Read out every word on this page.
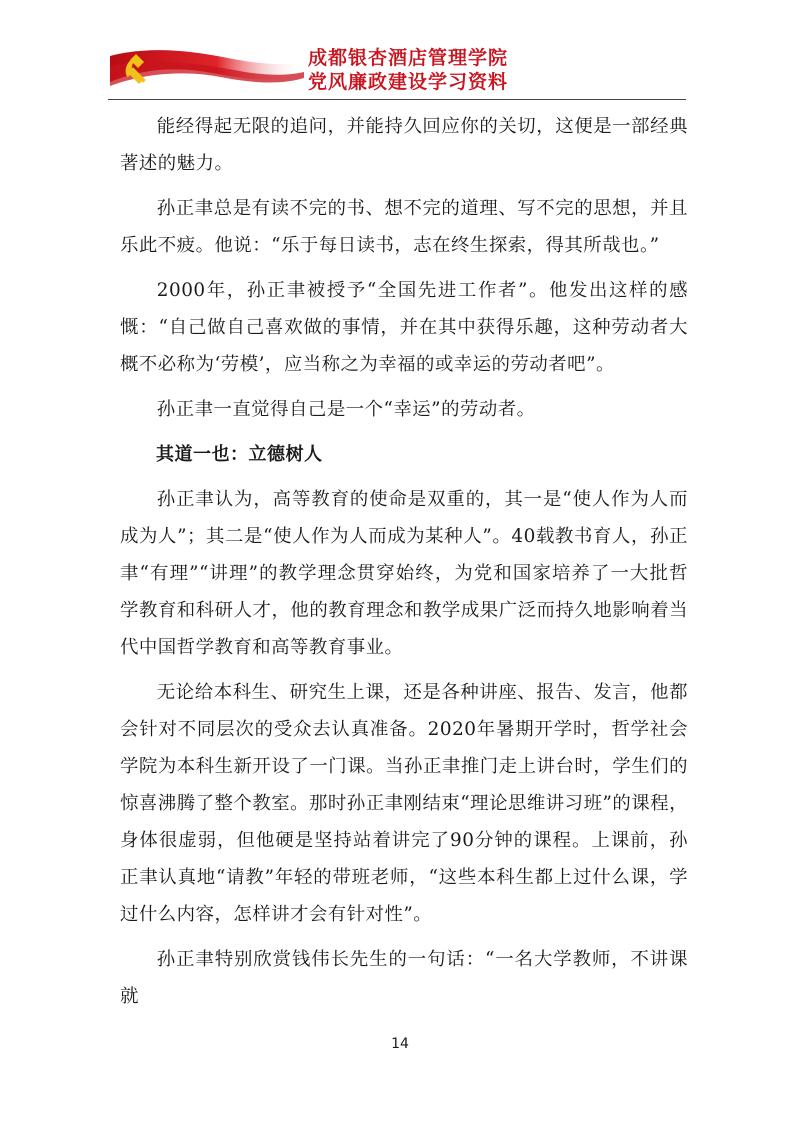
成都银杏酒店管理学院
党风廉政建设学习资料

能经得起无限的追问，并能持久回应你的关切，这便是一部经典著述的魅力。

孙正聿总是有读不完的书、想不完的道理、写不完的思想，并且乐此不疲。他说：“乐于每日读书，志在终生探索，得其所哉也。”

2000年，孙正聿被授予“全国先进工作者”。他发出这样的感慨：“自己做自己喜欢做的事情，并在其中获得乐趣，这种劳动者大概不必称为‘劳模’，应当称之为幸福的或幸运的劳动者吧”。

孙正聿一直觉得自己是一个“幸运”的劳动者。

其道一也：立德树人

孙正聿认为，高等教育的使命是双重的，其一是“使人作为人而成为人”；其二是“使人作为人而成为某种人”。40载教书育人，孙正聿“有理”“讲理”的教学理念贯穿始终，为党和国家培养了一大批哲学教育和科研人才，他的教育理念和教学成果广泛而持久地影响着当代中国哲学教育和高等教育事业。

无论给本科生、研究生上课，还是各种讲座、报告、发言，他都会针对不同层次的受众去认真准备。2020年暑期开学时，哲学社会学院为本科生新开设了一门课。当孙正聿推门走上讲台时，学生们的惊喜沸腾了整个教室。那时孙正聿刚结束“理论思维讲习班”的课程，身体很虚弱，但他硬是坚持站着讲完了90分钟的课程。上课前，孙正聿认真地“请教”年轻的带班老师，“这些本科生都上过什么课，学过什么内容，怎样讲才会有针对性”。

孙正聿特别欣赏钱伟长先生的一句话：“一名大学教师，不讲课就

14
